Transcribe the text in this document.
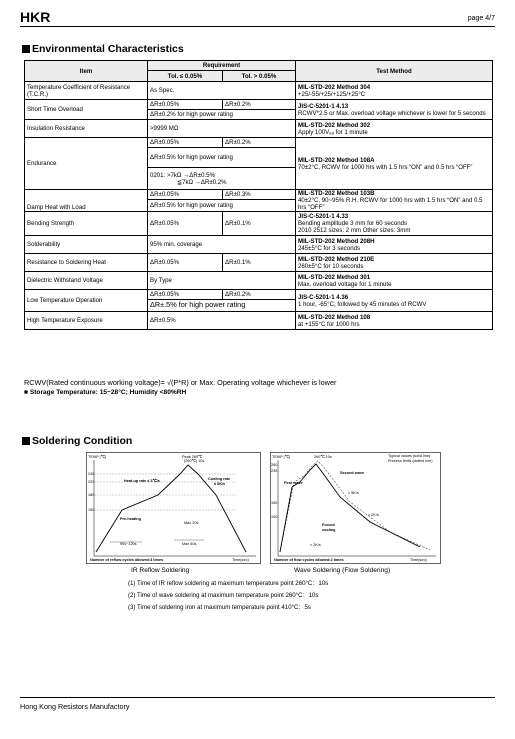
HKR	page 4/7
Environmental Characteristics
Item	Requirement		Test Method
	Tol. ≤ 0.05%	Tol. > 0.05%	
Temperature Coefficient of Resistance (T.C.R.)	As Spec.		MIL-STD-202 Method 304
+25/-55/+25/+125/+25°C

Short Time Overload	ΔR±0.05%	ΔR±0.2%	JIS-C-5201-1 4.13
RCWV*2.5 or Max. overload voltage whichever is lower for 5 seconds

	ΔR±0.2% for high power rating		
Insulation Resistance	>9999 MΩ		MIL-STD-202 Method 302
Apply 100V₉ₐ for 1 minute

Endurance	ΔR±0.05%	ΔR±0.2%	MIL-STD-202 Method 108A
70±2°C, RCWV for 1000 hrs with 1.5 hrs “ON” and 0.5 hrs “OFF”

	ΔR±0.5% for high power rating		

	0201: >7kΩ →ΔR±0.5%
≦7kΩ →ΔR±0.2%		

Damp Heat with Load	ΔR±0.05%	ΔR±0.3%	MIL-STD-202 Method 103B
40±2°C, 90~95% R.H. RCWV for 1000 hrs with 1.5 hrs “ON” and 0.5 hrs “OFF”

	ΔR±0.5% for high power rating		
Bending Strength	ΔR±0.05%	ΔR±0.1%	JIS-C-5201-1 4.33
Bending amplitude 3 mm for 60 seconds
2010 2512 sizes: 2 mm Other sizes: 3mm

Solderability	95% min. coverage		MIL-STD-202 Method 208H
245±5°C for 3 seconds

Resistance to Soldering Heat	ΔR±0.05%	ΔR±0.1%	MIL-STD-202 Method 210E
260±5°C for 10 seconds

Dielectric Withstand Voltage	By Type		MIL-STD-202 Method 301
Max. overload voltage for 1 minute

Low Temperature Operation	ΔR±0.05%	ΔR±0.2%	JIS-C-5201-1 4.36
1 hour, -65°C, followed by 45 minutes of RCWV

	ΔR±.5% for high power rating		
High Temperature Exposure	ΔR±0.5%		MIL-STD-202 Method 108
at +155°C for 1000 hrs
RCWV(Rated continuous working voltage)= √(P*R) or Max. Operating voltage whichever is lower
■ Storage Temperature: 15~28°C; Humidity <80%RH
Soldering Condition
TEMP (℃)	Peak 260℃
(260℃) 10s
245
220
180
150
Heat-up rate ≤ 3℃/s	Cooling rate
≤ 6K/s
Pre-heating
90s~120s
Max 20s
Max 60s
Number of reflow cycles allowed:3 times	Time(sec)
TEMP (℃)	260℃ 10s	Typical values (solid line)
Process limits (dotted line)
260
235
150
100
First wave
Second wave
≈ 5K/s
≈ 2K/s
Forced
cooling
≈ 2K/s
Number of flow cycles allowed:2 times	Time(sec)
IR Reflow Soldering	Wave Soldering (Flow Soldering)
(1) Time of IR reflow soldering at maximum temperature point 260°C：10s
(2) Time of wave soldering at maximum temperature point 260°C：10s
(3) Time of soldering iron at maximum temperature point 410°C：5s
Hong Kong Resistors Manufactory
